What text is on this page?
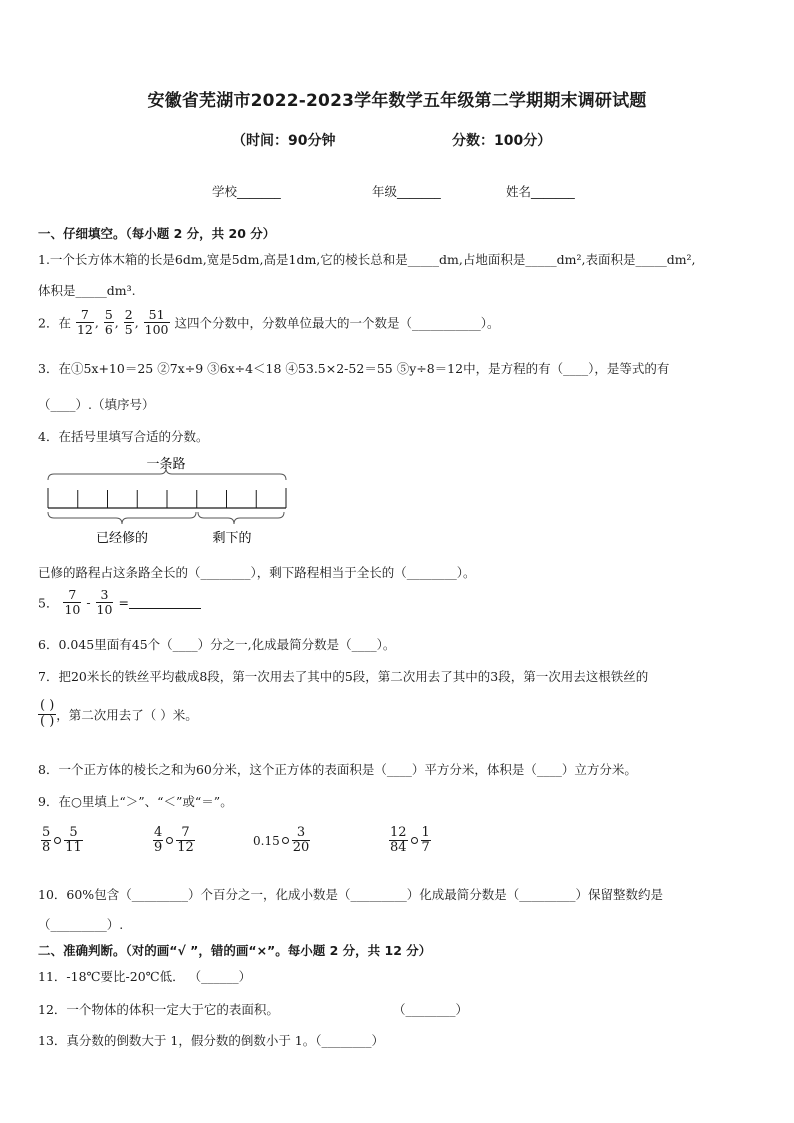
安徽省芜湖市2022-2023学年数学五年级第二学期期末调研试题
（时间：90分钟	分数：100分）
学校_______	年级_______	姓名_______
一、仔细填空。（每小题 2 分，共 20 分）
1.一个长方体木箱的长是6dm,宽是5dm,高是1dm,它的棱长总和是_____dm,占地面积是_____dm²,表面积是_____dm²,
体积是_____dm³.
2．在 $\frac{7}{12}$ , $\frac{5}{6}$ , $\frac{2}{5}$ , $\frac{51}{100}$ 这四个分数中，分数单位最大的一个数是（___________）。
3．在①5x+10＝25 ②7x÷9 ③6x÷4＜18 ④53.5×2-52＝55 ⑤y÷8＝12中，是方程的有（____），是等式的有
（____）.（填序号）
4．在括号里填写合适的分数。
一条路
已经修的	剩下的
已修的路程占这条路全长的（________），剩下路程相当于全长的（________）。
5． $\frac{7}{10} - \frac{3}{10}$ =
6．0.045里面有45个（____）分之一,化成最简分数是（____）。
7．把20米长的铁丝平均截成8段，第一次用去了其中的5段，第二次用去了其中的3段，第一次用去这根铁丝的
$\frac{( )}{( )}$ ，第二次用去了（ ）米。
8．一个正方体的棱长之和为60分米，这个正方体的表面积是（____）平方分米，体积是（____）立方分米。
9．在○里填上“＞”、“＜”或“＝”。
$\frac{5}{8} \frac{5}{11}$	$\frac{4}{9} \frac{7}{12}$	$0.15 \frac{3}{20}$	$\frac{12}{84} \frac{1}{7}$
10．60%包含（_________）个百分之一，化成小数是（_________）化成最简分数是（_________）保留整数约是
（_________）.
二、准确判断。（对的画“√ ”，错的画“×”。每小题 2 分，共 12 分）
11．-18℃要比-20℃低． （______）
12．一个物体的体积一定大于它的表面积。	（________）
13．真分数的倒数大于 1，假分数的倒数小于 1。（________）
